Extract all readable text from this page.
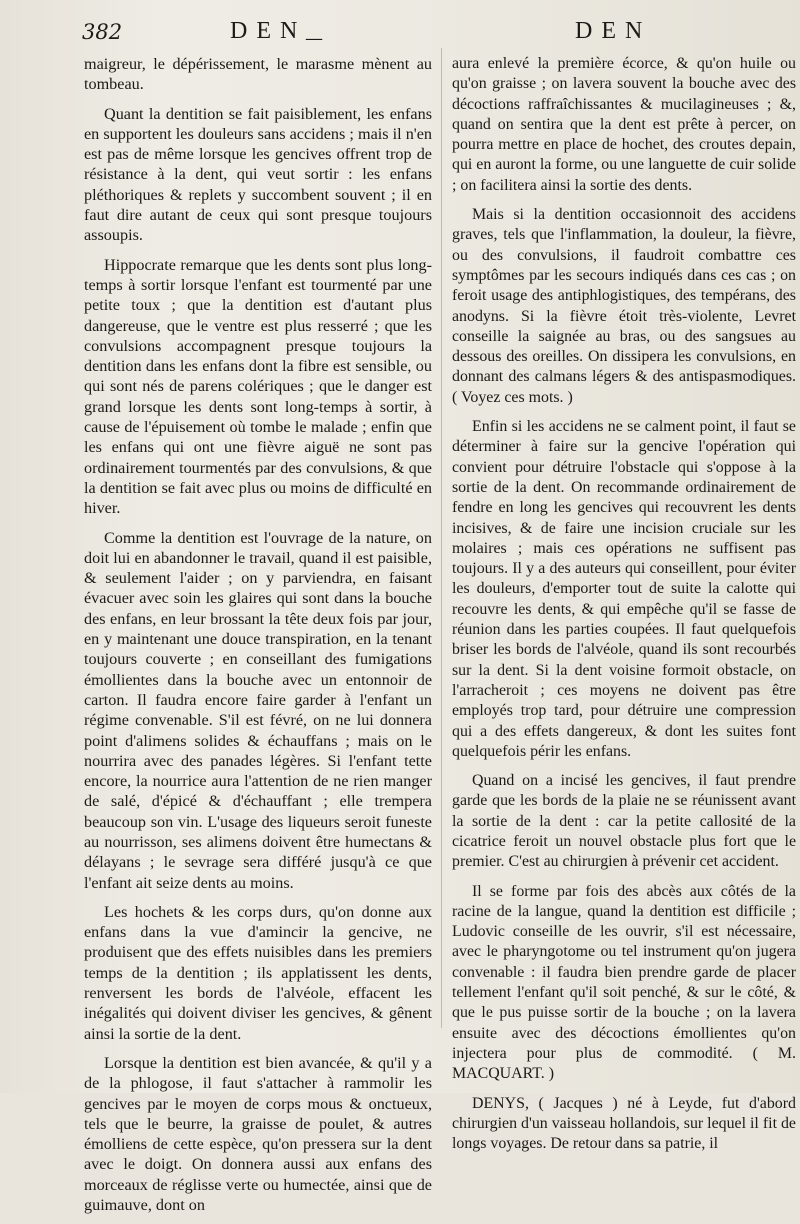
382	DEN
—	DEN

maigreur, le dépérissement, le marasme mènent au tombeau.

Quant la dentition se fait paisiblement, les enfans en supportent les douleurs sans accidens ; mais il n'en est pas de même lorsque les gencives offrent trop de résistance à la dent, qui veut sortir : les enfans pléthoriques & replets y succombent souvent ; il en faut dire autant de ceux qui sont presque toujours assoupis.

Hippocrate remarque que les dents sont plus long-temps à sortir lorsque l'enfant est tourmenté par une petite toux ; que la dentition est d'autant plus dangereuse, que le ventre est plus resserré ; que les convulsions accompagnent presque toujours la dentition dans les enfans dont la fibre est sensible, ou qui sont nés de parens colériques ; que le danger est grand lorsque les dents sont long-temps à sortir, à cause de l'épuisement où tombe le malade ; enfin que les enfans qui ont une fièvre aiguë ne sont pas ordinairement tourmentés par des convulsions, & que la dentition se fait avec plus ou moins de difficulté en hiver.

Comme la dentition est l'ouvrage de la nature, on doit lui en abandonner le travail, quand il est paisible, & seulement l'aider ; on y parviendra, en faisant évacuer avec soin les glaires qui sont dans la bouche des enfans, en leur brossant la tête deux fois par jour, en y maintenant une douce transpiration, en la tenant toujours couverte ; en conseillant des fumigations émollientes dans la bouche avec un entonnoir de carton. Il faudra encore faire garder à l'enfant un régime convenable. S'il est févré, on ne lui donnera point d'alimens solides & échauffans ; mais on le nourrira avec des panades légères. Si l'enfant tette encore, la nourrice aura l'attention de ne rien manger de salé, d'épicé & d'échauffant ; elle trempera beaucoup son vin. L'usage des liqueurs seroit funeste au nourrisson, ses alimens doivent être humectans & délayans ; le sevrage sera différé jusqu'à ce que l'enfant ait seize dents au moins.

Les hochets & les corps durs, qu'on donne aux enfans dans la vue d'amincir la gencive, ne produisent que des effets nuisibles dans les premiers temps de la dentition ; ils applatissent les dents, renversent les bords de l'alvéole, effacent les inégalités qui doivent diviser les gencives, & gênent ainsi la sortie de la dent.

Lorsque la dentition est bien avancée, & qu'il y a de la phlogose, il faut s'attacher à rammolir les gencives par le moyen de corps mous & onctueux, tels que le beurre, la graisse de poulet, & autres émolliens de cette espèce, qu'on pressera sur la dent avec le doigt. On donnera aussi aux enfans des morceaux de réglisse verte ou humectée, ainsi que de guimauve, dont on

aura enlevé la première écorce, & qu'on huile ou qu'on graisse ; on lavera souvent la bouche avec des décoctions raffraîchissantes & mucilagineuses ; &, quand on sentira que la dent est prête à percer, on pourra mettre en place de hochet, des croutes depain, qui en auront la forme, ou une languette de cuir solide ; on facilitera ainsi la sortie des dents.

Mais si la dentition occasionnoit des accidens graves, tels que l'inflammation, la douleur, la fièvre, ou des convulsions, il faudroit combattre ces symptômes par les secours indiqués dans ces cas ; on feroit usage des antiphlogistiques, des tempérans, des anodyns. Si la fièvre étoit très-violente, Levret conseille la saignée au bras, ou des sangsues au dessous des oreilles. On dissipera les convulsions, en donnant des calmans légers & des antispasmodiques. ( Voyez ces mots. )

Enfin si les accidens ne se calment point, il faut se déterminer à faire sur la gencive l'opération qui convient pour détruire l'obstacle qui s'oppose à la sortie de la dent. On recommande ordinairement de fendre en long les gencives qui recouvrent les dents incisives, & de faire une incision cruciale sur les molaires ; mais ces opérations ne suffisent pas toujours. Il y a des auteurs qui conseillent, pour éviter les douleurs, d'emporter tout de suite la calotte qui recouvre les dents, & qui empêche qu'il se fasse de réunion dans les parties coupées. Il faut quelquefois briser les bords de l'alvéole, quand ils sont recourbés sur la dent. Si la dent voisine formoit obstacle, on l'arracheroit ; ces moyens ne doivent pas être employés trop tard, pour détruire une compression qui a des effets dangereux, & dont les suites font quelquefois périr les enfans.

Quand on a incisé les gencives, il faut prendre garde que les bords de la plaie ne se réunissent avant la sortie de la dent : car la petite callosité de la cicatrice feroit un nouvel obstacle plus fort que le premier. C'est au chirurgien à prévenir cet accident.

Il se forme par fois des abcès aux côtés de la racine de la langue, quand la dentition est difficile ; Ludovic conseille de les ouvrir, s'il est nécessaire, avec le pharyngotome ou tel instrument qu'on jugera convenable : il faudra bien prendre garde de placer tellement l'enfant qu'il soit penché, & sur le côté, & que le pus puisse sortir de la bouche ; on la lavera ensuite avec des décoctions émollientes qu'on injectera pour plus de commodité. ( M. MACQUART. )

DENYS, ( Jacques ) né à Leyde, fut d'abord chirurgien d'un vaisseau hollandois, sur lequel il fit de longs voyages. De retour dans sa patrie, il
